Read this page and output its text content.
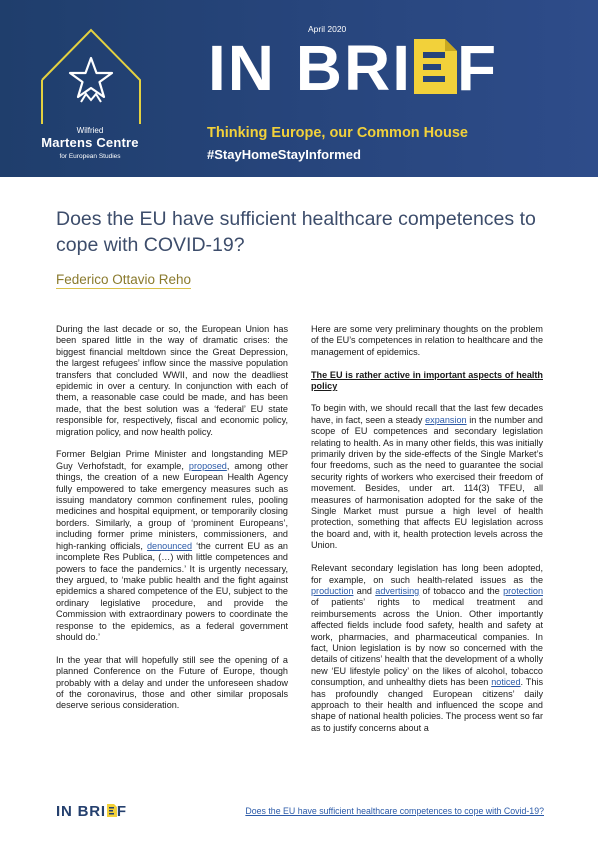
Wilfried
Martens Centre
for European Studies
April 2020
IN BRI F
Thinking Europe, our Common House
#StayHomeStayInformed
Does the EU have sufficient healthcare competences to cope with COVID-19?
Federico Ottavio Reho

During the last decade or so, the European Union has been spared little in the way of dramatic crises: the biggest financial meltdown since the Great Depression, the largest refugees’ inflow since the massive population transfers that concluded WWII, and now the deadliest epidemic in over a century. In conjunction with each of them, a reasonable case could be made, and has been made, that the best solution was a ‘federal’ EU state responsible for, respectively, fiscal and economic policy, migration policy, and now health policy.

Former Belgian Prime Minister and longstanding MEP Guy Verhofstadt, for example, proposed, among other things, the creation of a new European Health Agency fully empowered to take emergency measures such as issuing mandatory common confinement rules, pooling medicines and hospital equipment, or temporarily closing borders. Similarly, a group of ‘prominent Europeans’, including former prime ministers, commissioners, and high-ranking officials, denounced ‘the current EU as an incomplete Res Publica, (…) with little competences and powers to face the pandemics.’ It is urgently necessary, they argued, to ‘make public health and the fight against epidemics a shared competence of the EU, subject to the ordinary legislative procedure, and provide the Commission with extraordinary powers to coordinate the response to the epidemics, as a federal government should do.’

In the year that will hopefully still see the opening of a planned Conference on the Future of Europe, though probably with a delay and under the unforeseen shadow of the coronavirus, those and other similar proposals deserve serious consideration.

Here are some very preliminary thoughts on the problem of the EU’s competences in relation to healthcare and the management of epidemics.

The EU is rather active in important aspects of health policy

To begin with, we should recall that the last few decades have, in fact, seen a steady expansion in the number and scope of EU competences and secondary legislation relating to health. As in many other fields, this was initially primarily driven by the side-effects of the Single Market’s four freedoms, such as the need to guarantee the social security rights of workers who exercised their freedom of movement. Besides, under art. 114(3) TFEU, all measures of harmonisation adopted for the sake of the Single Market must pursue a high level of health protection, something that affects EU legislation across the board and, with it, health protection levels across the Union.

Relevant secondary legislation has long been adopted, for example, on such health-related issues as the production and advertising of tobacco and the protection of patients’ rights to medical treatment and reimbursements across the Union. Other importantly affected fields include food safety, health and safety at work, pharmacies, and pharmaceutical companies. In fact, Union legislation is by now so concerned with the details of citizens’ health that the development of a wholly new ‘EU lifestyle policy’ on the likes of alcohol, tobacco consumption, and unhealthy diets has been noticed. This has profoundly changed European citizens’ daily approach to their health and influenced the scope and shape of national health policies. The process went so far as to justify concerns about a

IN BRI F	Does the EU have sufficient healthcare competences to cope with Covid-19?
